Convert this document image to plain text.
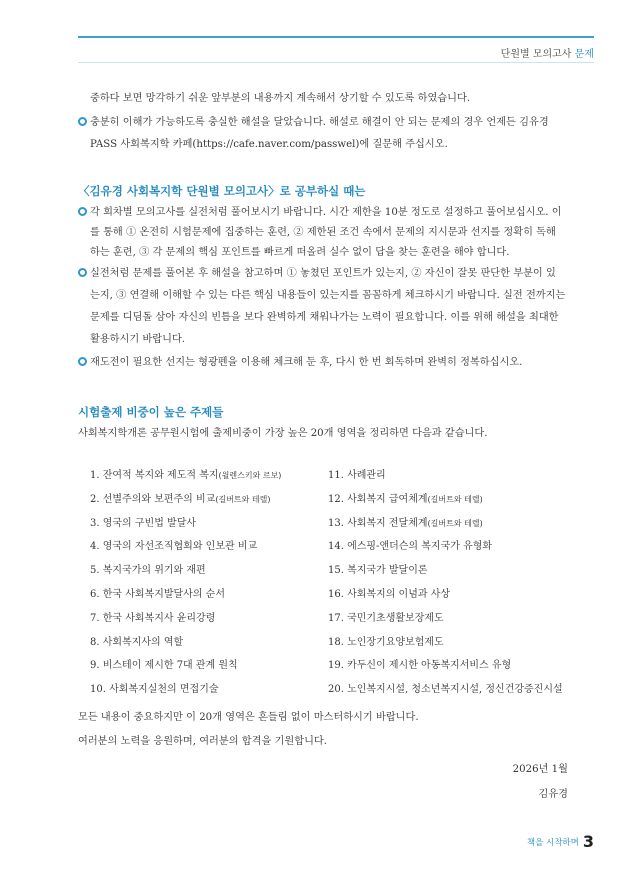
단원별 모의고사 문제
중하다 보면 망각하기 쉬운 앞부분의 내용까지 계속해서 상기할 수 있도록 하였습니다.
충분히 이해가 가능하도록 충실한 해설을 달았습니다. 해설로 해결이 안 되는 문제의 경우 언제든 김유경
PASS 사회복지학 카페(https://cafe.naver.com/passwel)에 질문해 주십시오.
〈김유경 사회복지학 단원별 모의고사〉로 공부하실 때는
각 회차별 모의고사를 실전처럼 풀어보시기 바랍니다. 시간 제한을 10분 정도로 설정하고 풀어보십시오. 이
를 통해 ① 온전히 시험문제에 집중하는 훈련, ② 제한된 조건 속에서 문제의 지시문과 선지를 정확히 독해
하는 훈련, ③ 각 문제의 핵심 포인트를 빠르게 떠올려 실수 없이 답을 찾는 훈련을 해야 합니다.
실전처럼 문제를 풀어본 후 해설을 참고하며 ① 놓쳤던 포인트가 있는지, ② 자신이 잘못 판단한 부분이 있
는지, ③ 연결해 이해할 수 있는 다른 핵심 내용들이 있는지를 꼼꼼하게 체크하시기 바랍니다. 실전 전까지는
문제를 디딤돌 삼아 자신의 빈틈을 보다 완벽하게 채워나가는 노력이 필요합니다. 이를 위해 해설을 최대한
활용하시기 바랍니다.
재도전이 필요한 선지는 형광펜을 이용해 체크해 둔 후, 다시 한 번 회독하며 완벽히 정복하십시오.
시험출제 비중이 높은 주제들
사회복지학개론 공무원시험에 출제비중이 가장 높은 20개 영역을 정리하면 다음과 같습니다.
1. 잔여적 복지와 제도적 복지(윌렌스키와 르보)
2. 선별주의와 보편주의 비교(길버트와 테렐)
3. 영국의 구빈법 발달사
4. 영국의 자선조직협회와 인보관 비교
5. 복지국가의 위기와 재편
6. 한국 사회복지발달사의 순서
7. 한국 사회복지사 윤리강령
8. 사회복지사의 역할
9. 비스테이 제시한 7대 관계 원칙
10. 사회복지실천의 면접기술
11. 사례관리
12. 사회복지 급여체계(길버트와 테렐)
13. 사회복지 전달체계(길버트와 테렐)
14. 에스핑-앤더슨의 복지국가 유형화
15. 복지국가 발달이론
16. 사회복지의 이념과 사상
17. 국민기초생활보장제도
18. 노인장기요양보험제도
19. 카두신이 제시한 아동복지서비스 유형
20. 노인복지시설, 청소년복지시설, 정신건강증진시설
모든 내용이 중요하지만 이 20개 영역은 흔들림 없이 마스터하시기 바랍니다.
여러분의 노력을 응원하며, 여러분의 합격을 기원합니다.
2026년 1월
김유경
책을 시작하며 3
